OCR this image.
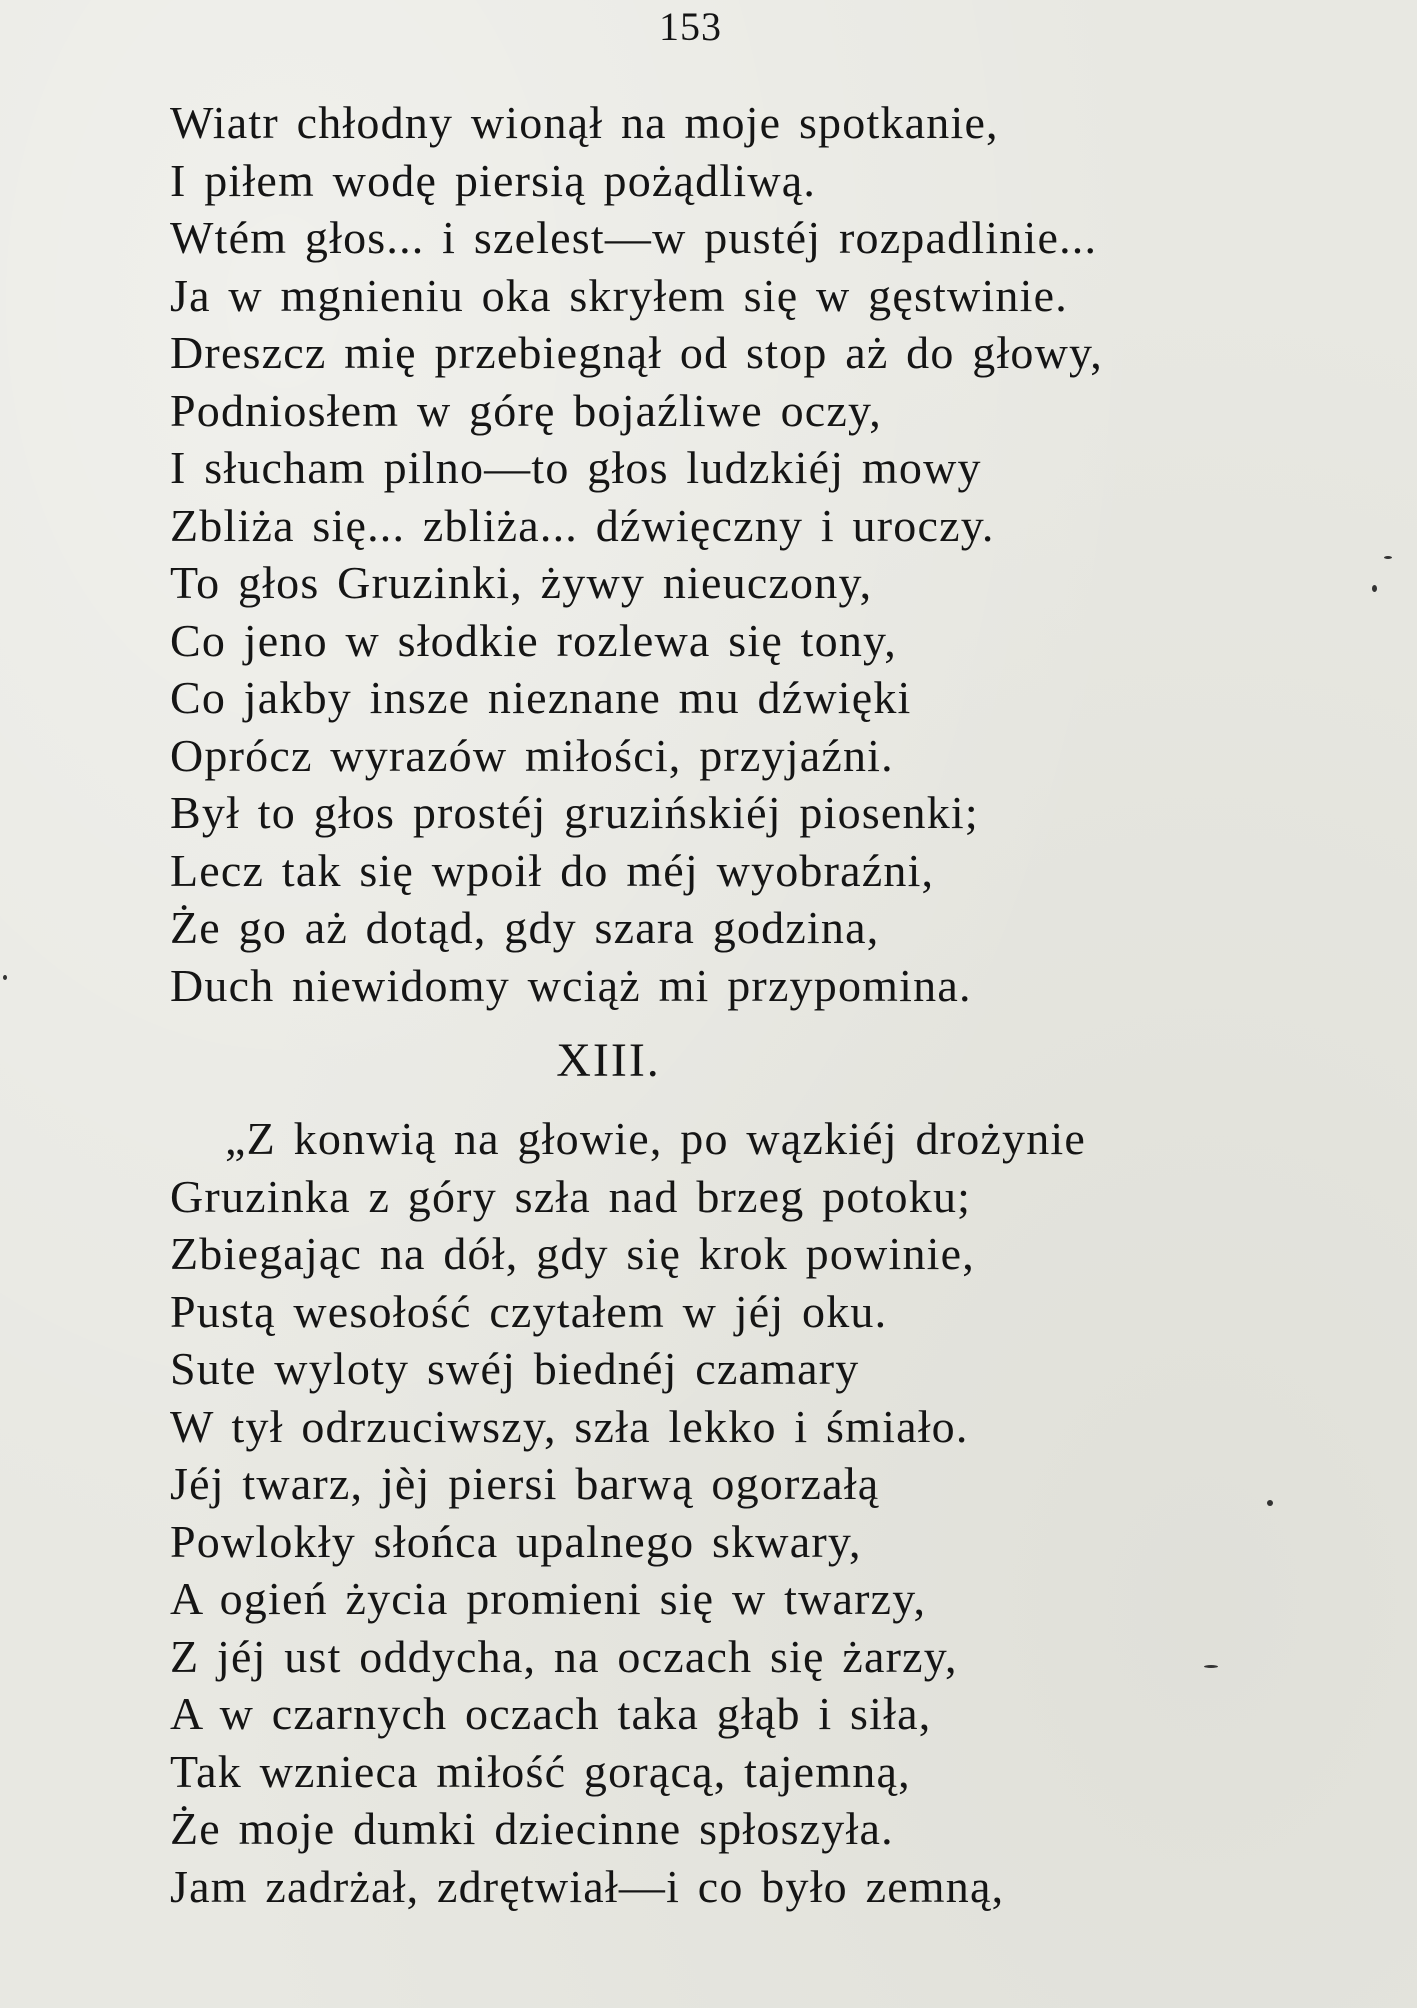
153
Wiatr chłodny wionął na moje spotkanie,
I piłem wodę piersią pożądliwą.
Wtém głos... i szelest—w pustéj rozpadlinie...
Ja w mgnieniu oka skryłem się w gęstwinie.
Dreszcz mię przebiegnął od stop aż do głowy,
Podniosłem w górę bojaźliwe oczy,
I słucham pilno—to głos ludzkiéj mowy
Zbliża się... zbliża... dźwięczny i uroczy.
To głos Gruzinki, żywy nieuczony,
Co jeno w słodkie rozlewa się tony,
Co jakby insze nieznane mu dźwięki
Oprócz wyrazów miłości, przyjaźni.
Był to głos prostéj gruzińskiéj piosenki;
Lecz tak się wpoił do méj wyobraźni,
Że go aż dotąd, gdy szara godzina,
Duch niewidomy wciąż mi przypomina.
XIII.
„Z konwią na głowie, po wązkiéj drożynie
Gruzinka z góry szła nad brzeg potoku;
Zbiegając na dół, gdy się krok powinie,
Pustą wesołość czytałem w jéj oku.
Sute wyloty swéj biednéj czamary
W tył odrzuciwszy, szła lekko i śmiało.
Jéj twarz, jèj piersi barwą ogorzałą
Powlokły słońca upalnego skwary,
A ogień życia promieni się w twarzy,
Z jéj ust oddycha, na oczach się żarzy,
A w czarnych oczach taka głąb i siła,
Tak wznieca miłość gorącą, tajemną,
Że moje dumki dziecinne spłoszyła.
Jam zadrżał, zdrętwiał—i co było zemną,
